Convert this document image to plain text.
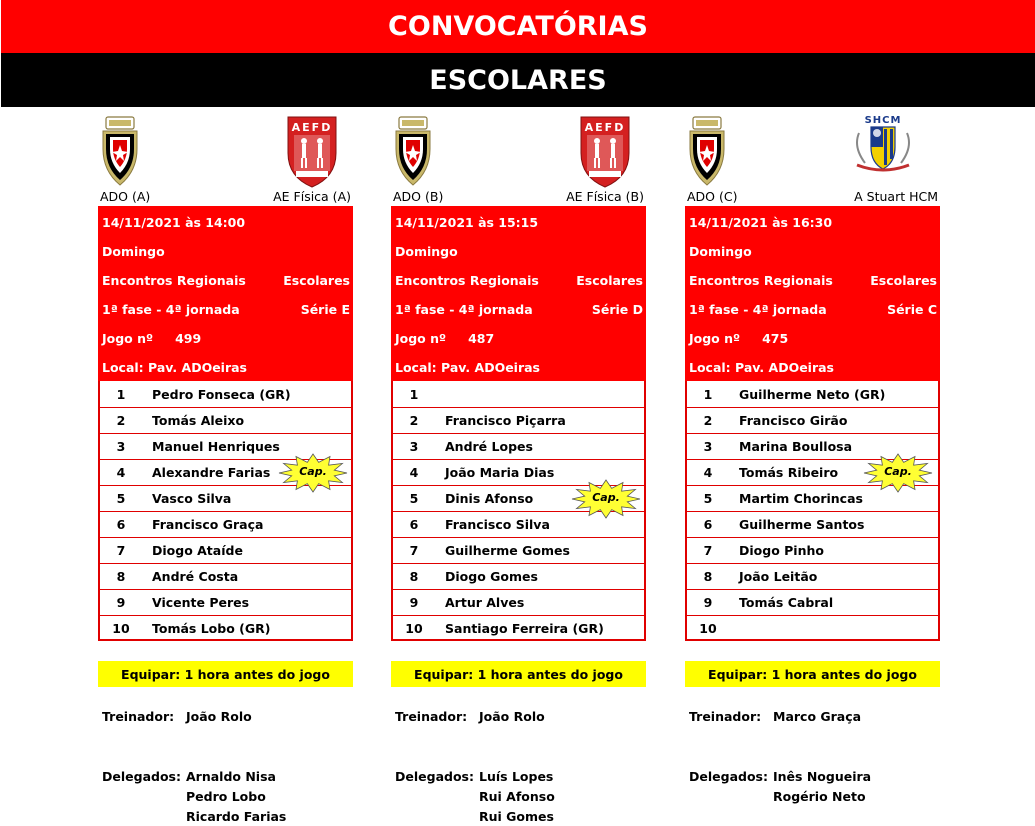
CONVOCATÓRIAS
ESCOLARES
AEFD
ADO (A)	AE Física (A)
14/11/2021 às 14:00
Domingo
Encontros Regionais	Escolares
1ª fase - 4ª jornada	Série E
Jogo nº 499
Local: Pav. ADOeiras
1	Pedro Fonseca (GR)
2	Tomás Aleixo
3	Manuel Henriques
4	Alexandre Farias
5	Vasco Silva
6	Francisco Graça
7	Diogo Ataíde
8	André Costa
9	Vicente Peres
10	Tomás Lobo (GR)
Cap.
Equipar: 1 hora antes do jogo
Treinador: João Rolo
Delegados: Arnaldo Nisa
Pedro Lobo
Ricardo Farias
AEFD
ADO (B)	AE Física (B)
14/11/2021 às 15:15
Domingo
Encontros Regionais	Escolares
1ª fase - 4ª jornada	Série D
Jogo nº 487
Local: Pav. ADOeiras
1
2	Francisco Piçarra
3	André Lopes
4	João Maria Dias
5	Dinis Afonso
6	Francisco Silva
7	Guilherme Gomes
8	Diogo Gomes
9	Artur Alves
10	Santiago Ferreira (GR)
Cap.
Equipar: 1 hora antes do jogo
Treinador: João Rolo
Delegados: Luís Lopes
Rui Afonso
Rui Gomes
SHCM
ADO (C)	A Stuart HCM
14/11/2021 às 16:30
Domingo
Encontros Regionais	Escolares
1ª fase - 4ª jornada	Série C
Jogo nº 475
Local: Pav. ADOeiras
1	Guilherme Neto (GR)
2	Francisco Girão
3	Marina Boullosa
4	Tomás Ribeiro
5	Martim Chorincas
6	Guilherme Santos
7	Diogo Pinho
8	João Leitão
9	Tomás Cabral
10
Cap.
Equipar: 1 hora antes do jogo
Treinador: Marco Graça
Delegados: Inês Nogueira
Rogério Neto
